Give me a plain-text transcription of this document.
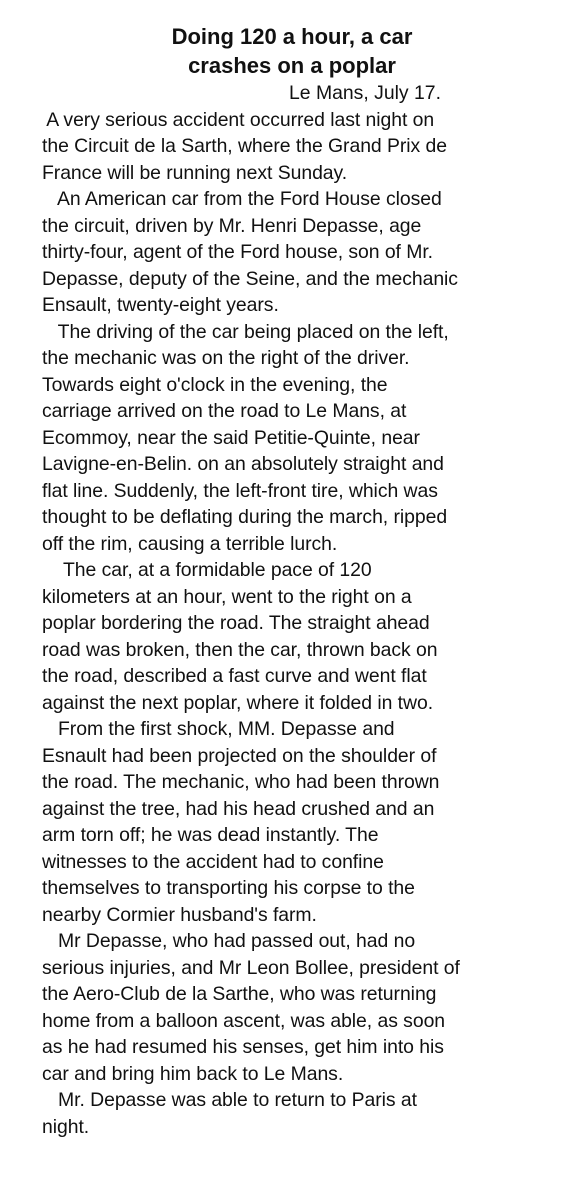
Doing 120 a hour, a car
crashes on a poplar

Le Mans, July 17.

A very serious accident occurred last night on
the Circuit de la Sarth, where the Grand Prix de
France will be running next Sunday.

An American car from the Ford House closed
the circuit, driven by Mr. Henri Depasse, age
thirty-four, agent of the Ford house, son of Mr.
Depasse, deputy of the Seine, and the mechanic
Ensault, twenty-eight years.

The driving of the car being placed on the left,
the mechanic was on the right of the driver.
Towards eight o'clock in the evening, the
carriage arrived on the road to Le Mans, at
Ecommoy, near the said Petitie-Quinte, near
Lavigne-en-Belin. on an absolutely straight and
flat line. Suddenly, the left-front tire, which was
thought to be deflating during the march, ripped
off the rim, causing a terrible lurch.

The car, at a formidable pace of 120
kilometers at an hour, went to the right on a
poplar bordering the road. The straight ahead
road was broken, then the car, thrown back on
the road, described a fast curve and went flat
against the next poplar, where it folded in two.

From the first shock, MM. Depasse and
Esnault had been projected on the shoulder of
the road. The mechanic, who had been thrown
against the tree, had his head crushed and an
arm torn off; he was dead instantly. The
witnesses to the accident had to confine
themselves to transporting his corpse to the
nearby Cormier husband's farm.

Mr Depasse, who had passed out, had no
serious injuries, and Mr Leon Bollee, president of
the Aero-Club de la Sarthe, who was returning
home from a balloon ascent, was able, as soon
as he had resumed his senses, get him into his
car and bring him back to Le Mans.

Mr. Depasse was able to return to Paris at
night.
